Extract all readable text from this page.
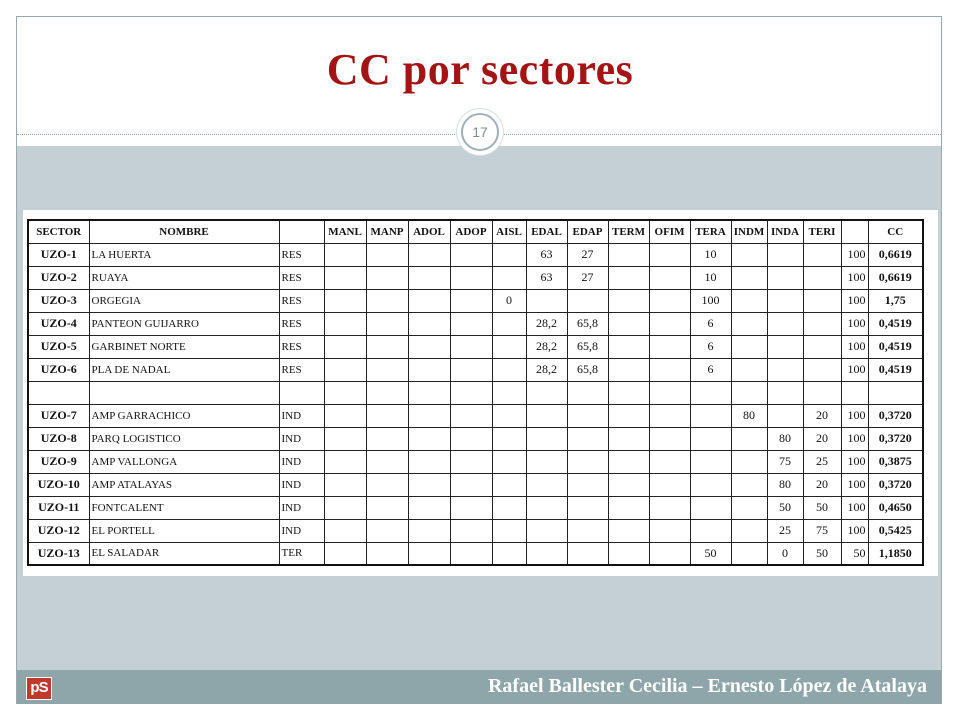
CC por sectores
17
SECTOR	NOMBRE		MANL	MANP	ADOL	ADOP	AISL	EDAL	EDAP	TERM	OFIM	TERA	INDM	INDA	TERI		CC
UZO-1	LA HUERTA	RES						63	27			10				100	0,6619
UZO-2	RUAYA	RES						63	27			10				100	0,6619
UZO-3	ORGEGIA	RES					0					100				100	1,75
UZO-4	PANTEON GUIJARRO	RES						28,2	65,8			6				100	0,4519
UZO-5	GARBINET NORTE	RES						28,2	65,8			6				100	0,4519
UZO-6	PLA DE NADAL	RES						28,2	65,8			6				100	0,4519

UZO-7	AMP GARRACHICO	IND											80		20	100	0,3720
UZO-8	PARQ LOGISTICO	IND												80	20	100	0,3720
UZO-9	AMP VALLONGA	IND												75	25	100	0,3875
UZO-10	AMP ATALAYAS	IND												80	20	100	0,3720
UZO-11	FONTCALENT	IND												50	50	100	0,4650
UZO-12	EL PORTELL	IND												25	75	100	0,5425
UZO-13	EL SALADAR	TER										50		0	50	50	1,1850
pS	Rafael Ballester Cecilia – Ernesto López de Atalaya
